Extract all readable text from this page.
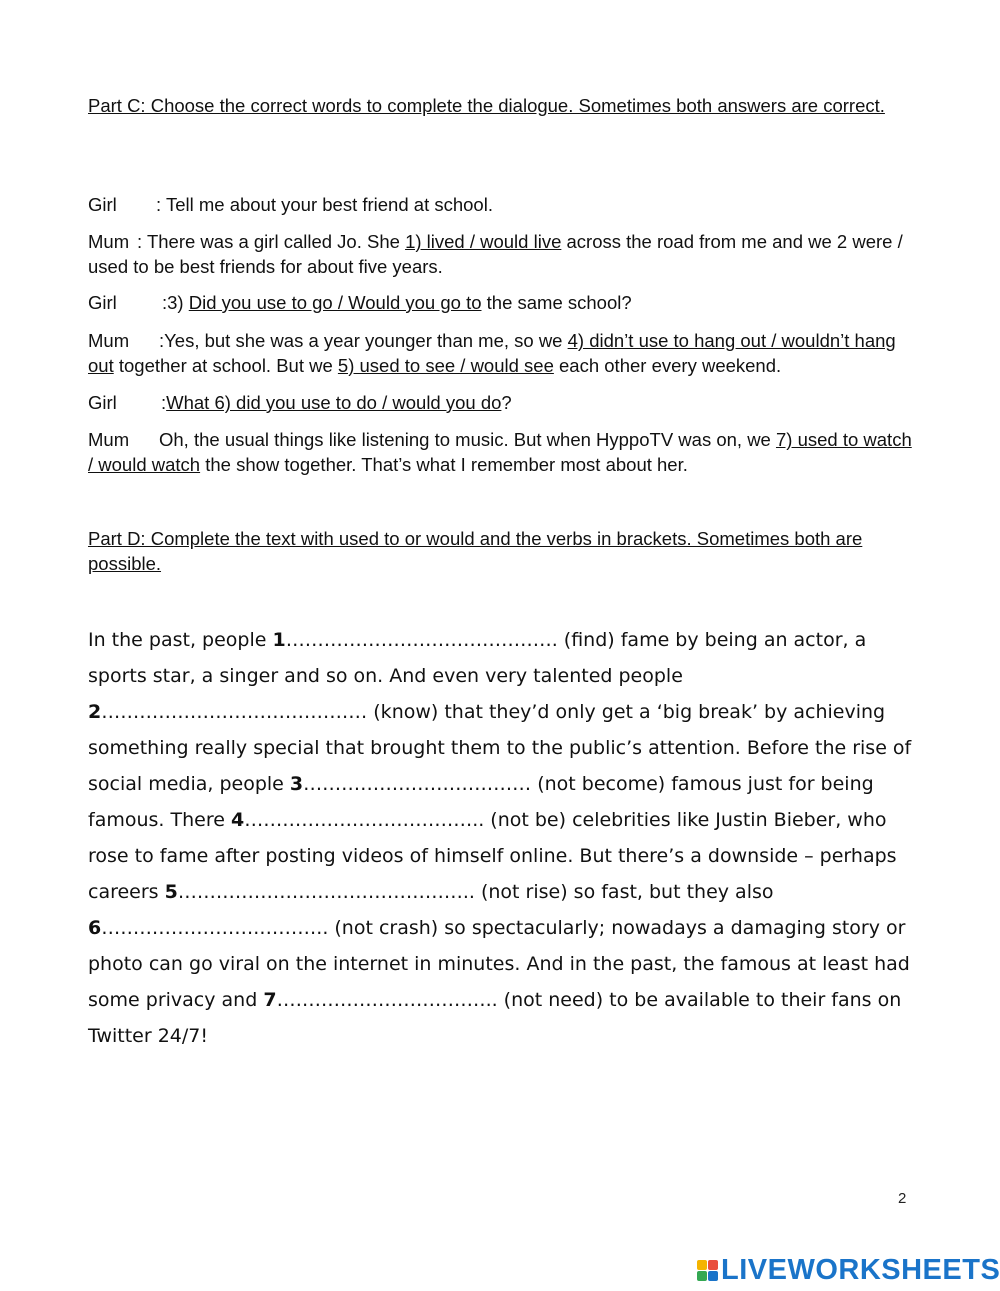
Part C: Choose the correct words to complete the dialogue. Sometimes both answers are correct.

Girl : Tell me about your best friend at school.

Mum : There was a girl called Jo. She 1) lived / would live across the road from me and we 2 were / used to be best friends for about five years.

Girl :3) Did you use to go / Would you go to the same school?

Mum :Yes, but she was a year younger than me, so we 4) didn’t use to hang out / wouldn’t hang out together at school. But we 5) used to see / would see each other every weekend.

Girl :What 6) did you use to do / would you do?

Mum Oh, the usual things like listening to music. But when HyppoTV was on, we 7) used to watch / would watch the show together. That’s what I remember most about her.

Part D: Complete the text with used to or would and the verbs in brackets. Sometimes both are possible.

In the past, people 1……………………………………. (find) fame by being an actor, a sports star, a singer and so on. And even very talented people 2…………………………………… (know) that they’d only get a ‘big break’ by achieving something really special that brought them to the public’s attention. Before the rise of social media, people 3……………………………… (not become) famous just for being famous. There 4……………………………….. (not be) celebrities like Justin Bieber, who rose to fame after posting videos of himself online. But there’s a downside – perhaps careers 5……………………………………….. (not rise) so fast, but they also 6…………………….……….. (not crash) so spectacularly; nowadays a damaging story or photo can go viral on the internet in minutes. And in the past, the famous at least had some privacy and 7…………………………….. (not need) to be available to their fans on Twitter 24/7!

2
LIVEWORKSHEETS
